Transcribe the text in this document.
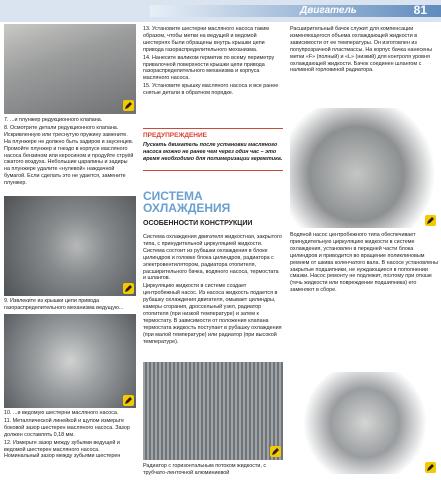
Двигатель	81

7. ...и плунжер редукционного клапана.

8. Осмотрите детали редукционного клапана. Искривленную или треснутую пружину замените. На плунжере не должно быть задиров и заусенцев. Промойте плунжер и гнездо в корпусе масляного насоса бензином или керосином и продуйте струёй сжатого воздуха. Небольшие царапины и задиры на плунжере удалите «нулевой» наждачной бумагой. Если сделать это не удается, замените плунжер.

9. Извлеките из крышки цепи привода газораспределительного механизма ведущую...

10. ...и ведомую шестерни масляного насоса.

11. Металлической линейкой и щупом измерьте боковой зазор шестерен масляного насоса. Зазор должен составлять 0,18 мм.

12. Измерьте зазор между зубьями ведущей и ведомой шестерен масляного насоса. Номинальный зазор между зубьями шестерен

13. Установите шестерни масляного насоса таким образом, чтобы метки на ведущей и ведомой шестернях были обращены внутрь крышки цепи привода газораспределительного механизма.

14. Нанесите валиком герметик по всему периметру привалочной поверхности крышки цепи привода газораспределительного механизма и корпуса масляного насоса.

15. Установите крышку масляного насоса и все ранее снятые детали в обратном порядке.

ПРЕДУПРЕЖДЕНИЕ

Пускать двигатель после установки масляного насоса можно не ранее чем через один час – это время необходимо для полимеризации герметика.

СИСТЕМА
ОХЛАЖДЕНИЯ
ОСОБЕННОСТИ КОНСТРУКЦИИ

Система охлаждения двигателя жидкостная, закрытого типа, с принудительной циркуляцией жидкости. Система состоит из рубашки охлаждения в блоке цилиндров и головке блока цилиндров, радиатора с электровентилятором, радиатора отопителя, расширительного бачка, водяного насоса, термостата и шлангов.

Циркуляцию жидкости в системе создает центробежный насос. Из насоса жидкость подается в рубашку охлаждения двигателя, омывает цилиндры, камеры сгорания, дроссельный узел, радиатор отопителя (при низкой температуре) и затем к термостату. В зависимости от положения клапана термостата жидкость поступает в рубашку охлаждения (при малой температуре) или радиатор (при высокой температуре).

Радиатор с горизонтальным потоком жидкости, с трубчато-ленточной алюминиевой

Расширительный бачок служит для компенсации изменяющегося объема охлаждающей жидкости в зависимости от ее температуры. Он изготовлен из полупрозрачной пластмассы. На корпус бачка нанесены метки «F» (полный) и «L» (низкий) для контроля уровня охлаждающей жидкости. Бачок соединен шлангом с наливной горловиной радиатора.

Водяной насос центробежного типа обеспечивает принудительную циркуляцию жидкости в системе охлаждения, установлен в передней части блока цилиндров и приводится во вращение поликлиновым ремнем от шкива коленчатого вала. В насосе установлены закрытые подшипники, не нуждающиеся в пополнении смазки. Насос ремонту не подлежит, поэтому при отказе (течь жидкости или повреждение подшипника) его заменяют в сборе.
